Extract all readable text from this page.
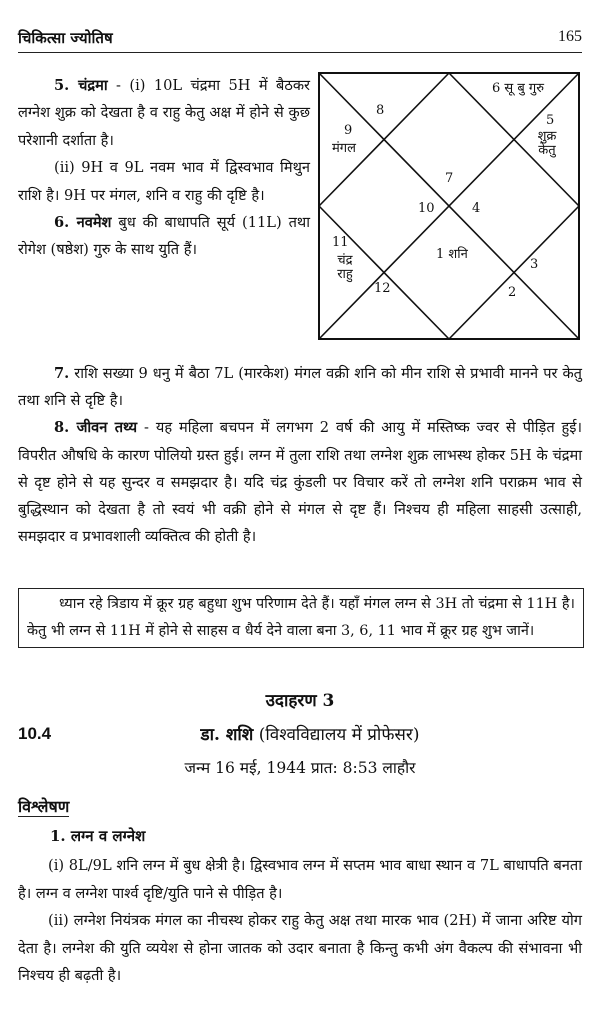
चिकित्सा ज्योतिष	165

5. चंद्रमा - (i) 10L चंद्रमा 5H में बैठकर लग्नेश शुक्र को देखता है व राहु केतु अक्ष में होने से कुछ परेशानी दर्शाता है।

(ii) 9H व 9L नवम भाव में द्विस्वभाव मिथुन राशि है। 9H पर मंगल, शनि व राहु की दृष्टि है।

6. नवमेश बुध की बाधापति सूर्य (11L) तथा रोगेश (षष्ठेश) गुरु के साथ युति हैं।

8
6 सू बु गुरु
9
मंगल
5
शुक्र केतु
7
10	4
1 शनि
11
चंद्र राहु
12
3
2

7. राशि सख्या 9 धनु में बैठा 7L (मारकेश) मंगल वक्री शनि को मीन राशि से प्रभावी मानने पर केतु तथा शनि से दृष्टि है।

8. जीवन तथ्य - यह महिला बचपन में लगभग 2 वर्ष की आयु में मस्तिष्क ज्वर से पीड़ित हुई। विपरीत औषधि के कारण पोलियो ग्रस्त हुई। लग्न में तुला राशि तथा लग्नेश शुक्र लाभस्थ होकर 5H के चंद्रमा से दृष्ट होने से यह सुन्दर व समझदार है। यदि चंद्र कुंडली पर विचार करें तो लग्नेश शनि पराक्रम भाव से बुद्धिस्थान को देखता है तो स्वयं भी वक्री होने से मंगल से दृष्ट हैं। निश्चय ही महिला साहसी उत्साही, समझदार व प्रभावशाली व्यक्तित्व की होती है।

ध्यान रहे त्रिडाय में क्रूर ग्रह बहुधा शुभ परिणाम देते हैं। यहाँ मंगल लग्न से 3H तो चंद्रमा से 11H है। केतु भी लग्न से 11H में होने से साहस व धैर्य देने वाला बना 3, 6, 11 भाव में क्रूर ग्रह शुभ जानें।

उदाहरण 3
10.4	डा. शशि (विश्वविद्यालय में प्रोफेसर)
जन्म 16 मई, 1944 प्रात: 8:53 लाहौर
विश्लेषण
1. लग्न व लग्नेश

(i) 8L/9L शनि लग्न में बुध क्षेत्री है। द्विस्वभाव लग्न में सप्तम भाव बाधा स्थान व 7L बाधापति बनता है। लग्न व लग्नेश पार्श्व दृष्टि/युति पाने से पीड़ित है।

(ii) लग्नेश नियंत्रक मंगल का नीचस्थ होकर राहु केतु अक्ष तथा मारक भाव (2H) में जाना अरिष्ट योग देता है। लग्नेश की युति व्ययेश से होना जातक को उदार बनाता है किन्तु कभी अंग वैकल्प की संभावना भी निश्चय ही बढ़ती है।
